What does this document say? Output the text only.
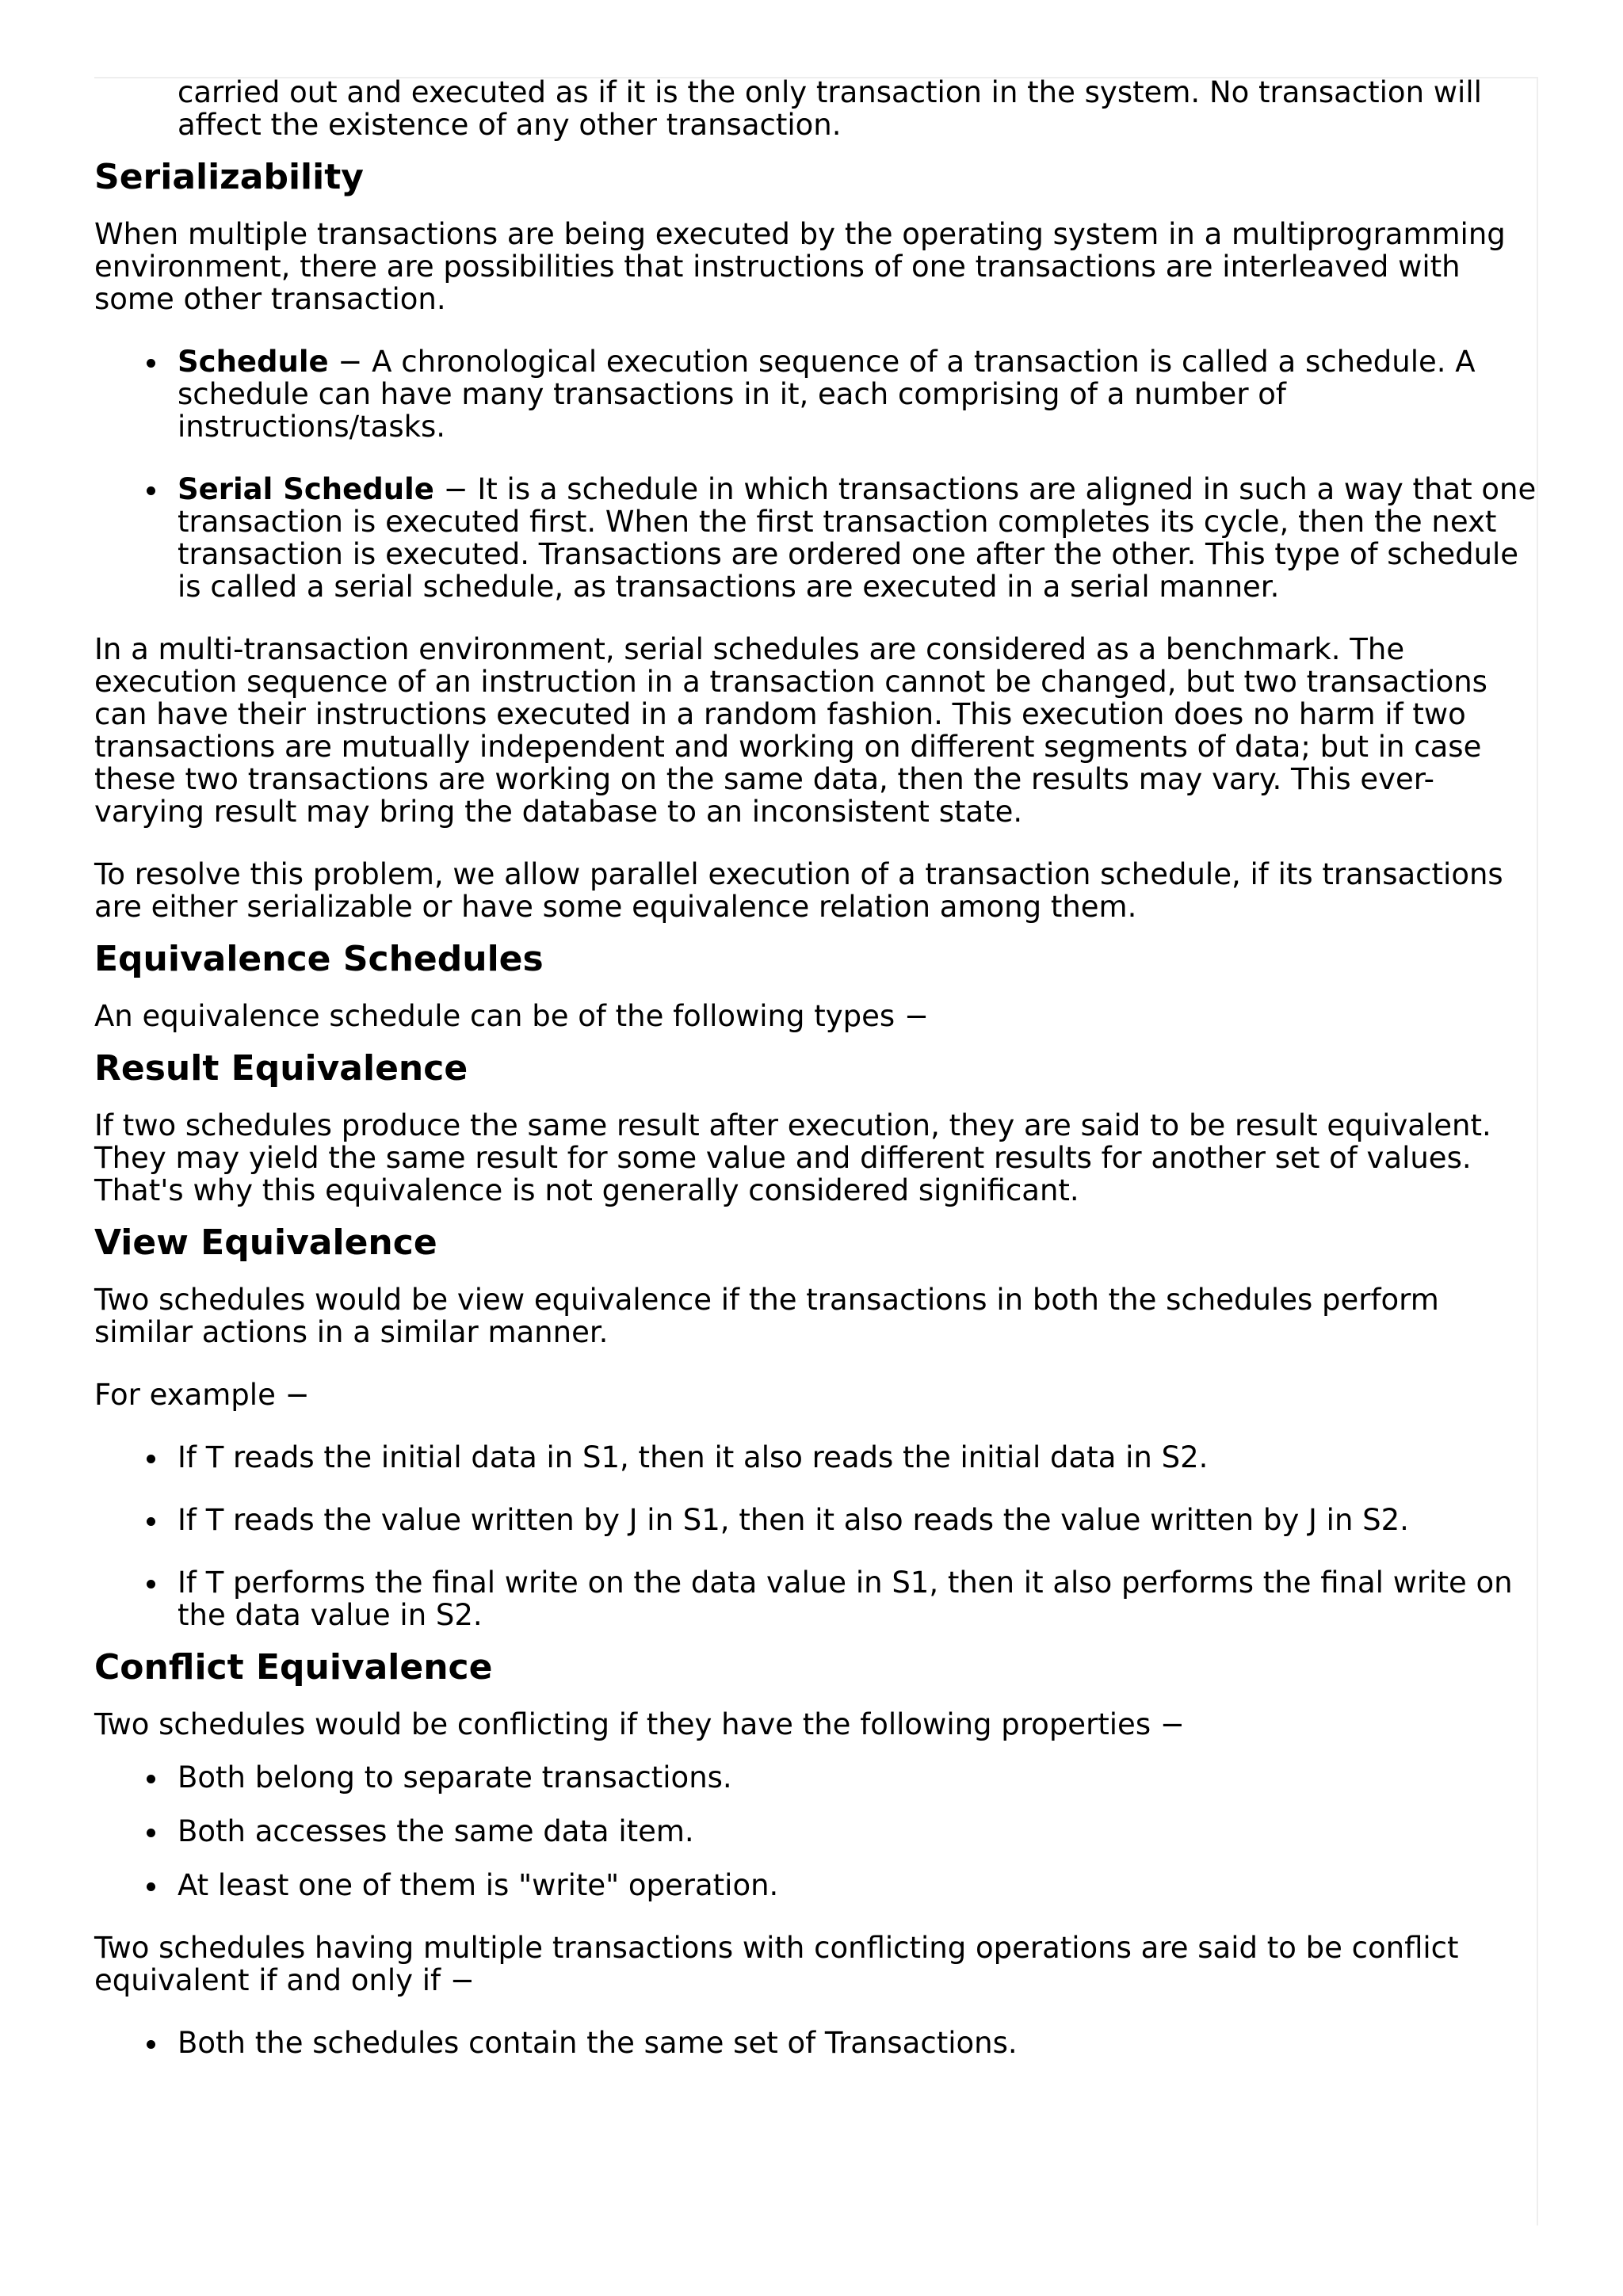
carried out and executed as if it is the only transaction in the system. No transaction will affect the existence of any other transaction.

Serializability

When multiple transactions are being executed by the operating system in a multiprogramming environment, there are possibilities that instructions of one transactions are interleaved with some other transaction.

Schedule − A chronological execution sequence of a transaction is called a schedule. A schedule can have many transactions in it, each comprising of a number of instructions/tasks.
Serial Schedule − It is a schedule in which transactions are aligned in such a way that one transaction is executed first. When the first transaction completes its cycle, then the next transaction is executed. Transactions are ordered one after the other. This type of schedule is called a serial schedule, as transactions are executed in a serial manner.

In a multi-transaction environment, serial schedules are considered as a benchmark. The execution sequence of an instruction in a transaction cannot be changed, but two transactions can have their instructions executed in a random fashion. This execution does no harm if two transactions are mutually independent and working on different segments of data; but in case these two transactions are working on the same data, then the results may vary. This ever-varying result may bring the database to an inconsistent state.

To resolve this problem, we allow parallel execution of a transaction schedule, if its transactions are either serializable or have some equivalence relation among them.

Equivalence Schedules

An equivalence schedule can be of the following types −

Result Equivalence

If two schedules produce the same result after execution, they are said to be result equivalent. They may yield the same result for some value and different results for another set of values. That's why this equivalence is not generally considered significant.

View Equivalence

Two schedules would be view equivalence if the transactions in both the schedules perform similar actions in a similar manner.

For example −

If T reads the initial data in S1, then it also reads the initial data in S2.
If T reads the value written by J in S1, then it also reads the value written by J in S2.
If T performs the final write on the data value in S1, then it also performs the final write on the data value in S2.
Conflict Equivalence

Two schedules would be conflicting if they have the following properties −

Both belong to separate transactions.
Both accesses the same data item.
At least one of them is "write" operation.

Two schedules having multiple transactions with conflicting operations are said to be conflict equivalent if and only if −

Both the schedules contain the same set of Transactions.
